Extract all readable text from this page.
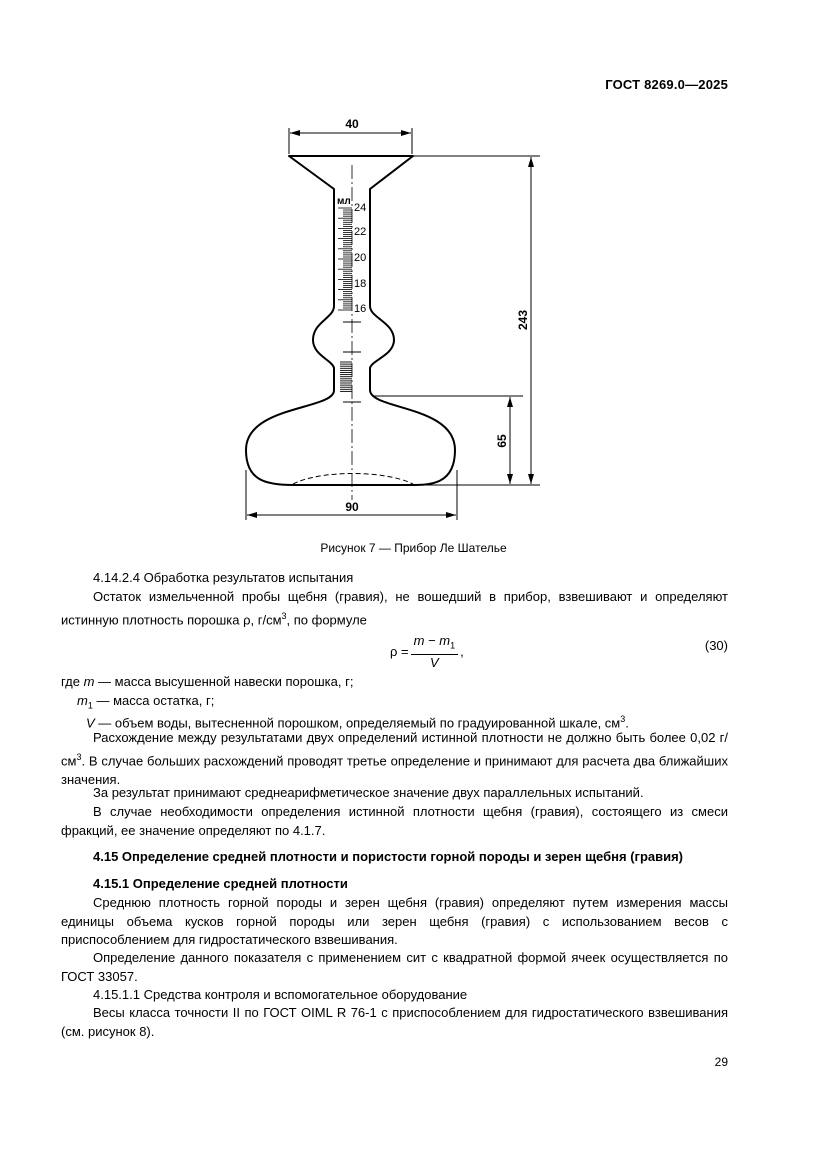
ГОСТ 8269.0—2025
40
90
243
65
мл
24
22
20
18
16
Рисунок 7 — Прибор Ле Шателье
4.14.2.4 Обработка результатов испытания
Остаток измельченной пробы щебня (гравия), не вошедший в прибор, взвешивают и определяют истинную плотность порошка ρ, $г/см^3$, по формуле
$\rho = \frac{m - m_1}{V}$ ,	(30)
где m — масса высушенной навески порошка, г;
$m_1$ — масса остатка, г;
V — объем воды, вытесненной порошком, определяемый по градуированной шкале, $см^3$.
Расхождение между результатами двух определений истинной плотности не должно быть более 0,02 $г/см^3$. В случае больших расхождений проводят третье определение и принимают для расчета два ближайших значения.
За результат принимают среднеарифметическое значение двух параллельных испытаний.
В случае необходимости определения истинной плотности щебня (гравия), состоящего из смеси фракций, ее значение определяют по 4.1.7.
4.15 Определение средней плотности и пористости горной породы и зерен щебня (гравия)
4.15.1 Определение средней плотности
Среднюю плотность горной породы и зерен щебня (гравия) определяют путем измерения массы единицы объема кусков горной породы или зерен щебня (гравия) с использованием весов с приспособлением для гидростатического взвешивания.
Определение данного показателя с применением сит с квадратной формой ячеек осуществляется по ГОСТ 33057.
4.15.1.1 Средства контроля и вспомогательное оборудование
Весы класса точности II по ГОСТ OIML R 76-1 с приспособлением для гидростатического взвешивания (см. рисунок 8).
29
